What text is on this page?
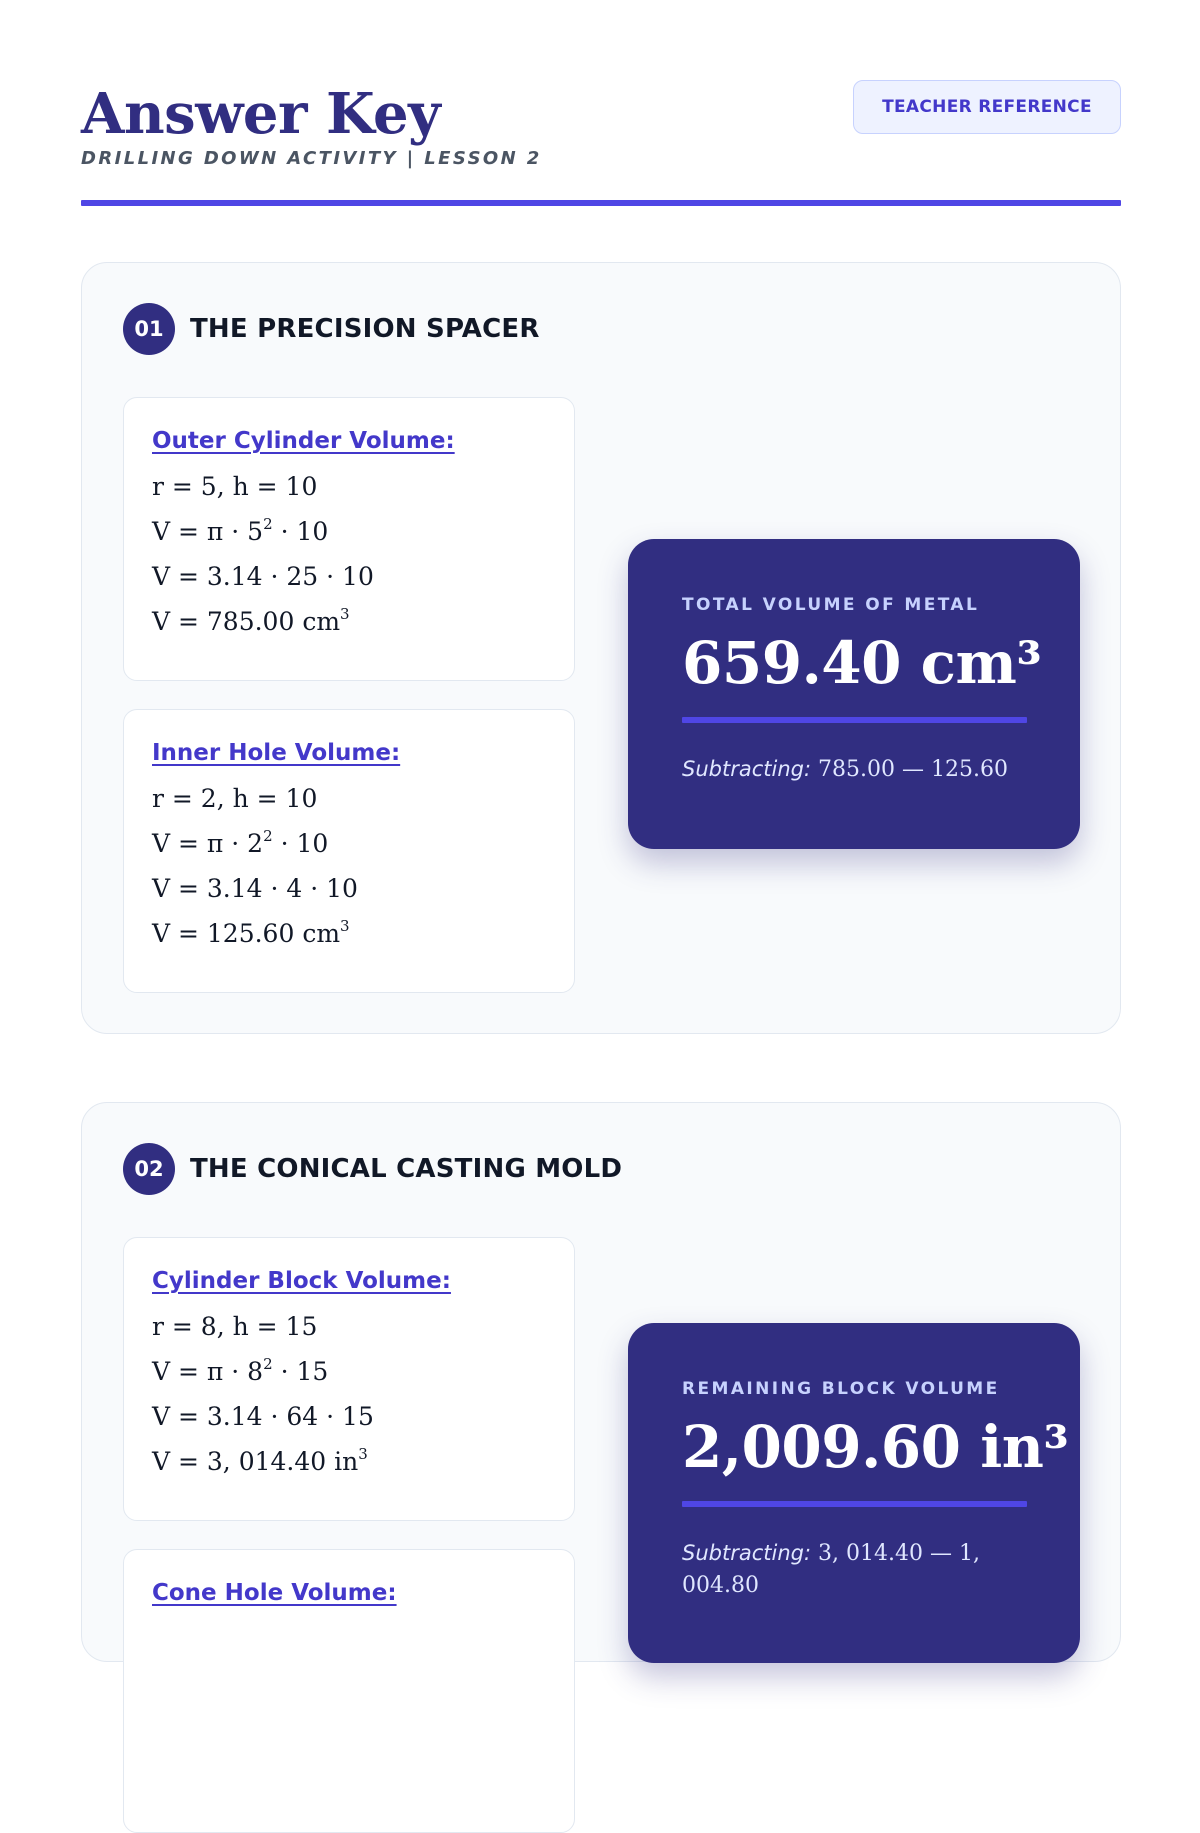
Answer Key
DRILLING DOWN ACTIVITY | LESSON 2
TEACHER REFERENCE
01	THE PRECISION SPACER
Outer Cylinder Volume:
r = 5, h = 10
$V = \pi \cdot 5^2 \cdot 10$
V = 3.14 · 25 · 10
V = 785.00 $cm^3$
Inner Hole Volume:
r = 2, h = 10
$V = \pi \cdot 2^2 \cdot 10$
V = 3.14 · 4 · 10
V = 125.60 $cm^3$
TOTAL VOLUME OF METAL
659.40 cm³
Subtracting: 785.00 — 125.60
02	THE CONICAL CASTING MOLD
Cylinder Block Volume:
r = 8, h = 15
$V = \pi \cdot 8^2 \cdot 15$
V = 3.14 · 64 · 15
V = 3, 014.40 $in^3$
Cone Hole Volume:
REMAINING BLOCK VOLUME
2,009.60 in³
Subtracting: 3, 014.40 — 1, 004.80
